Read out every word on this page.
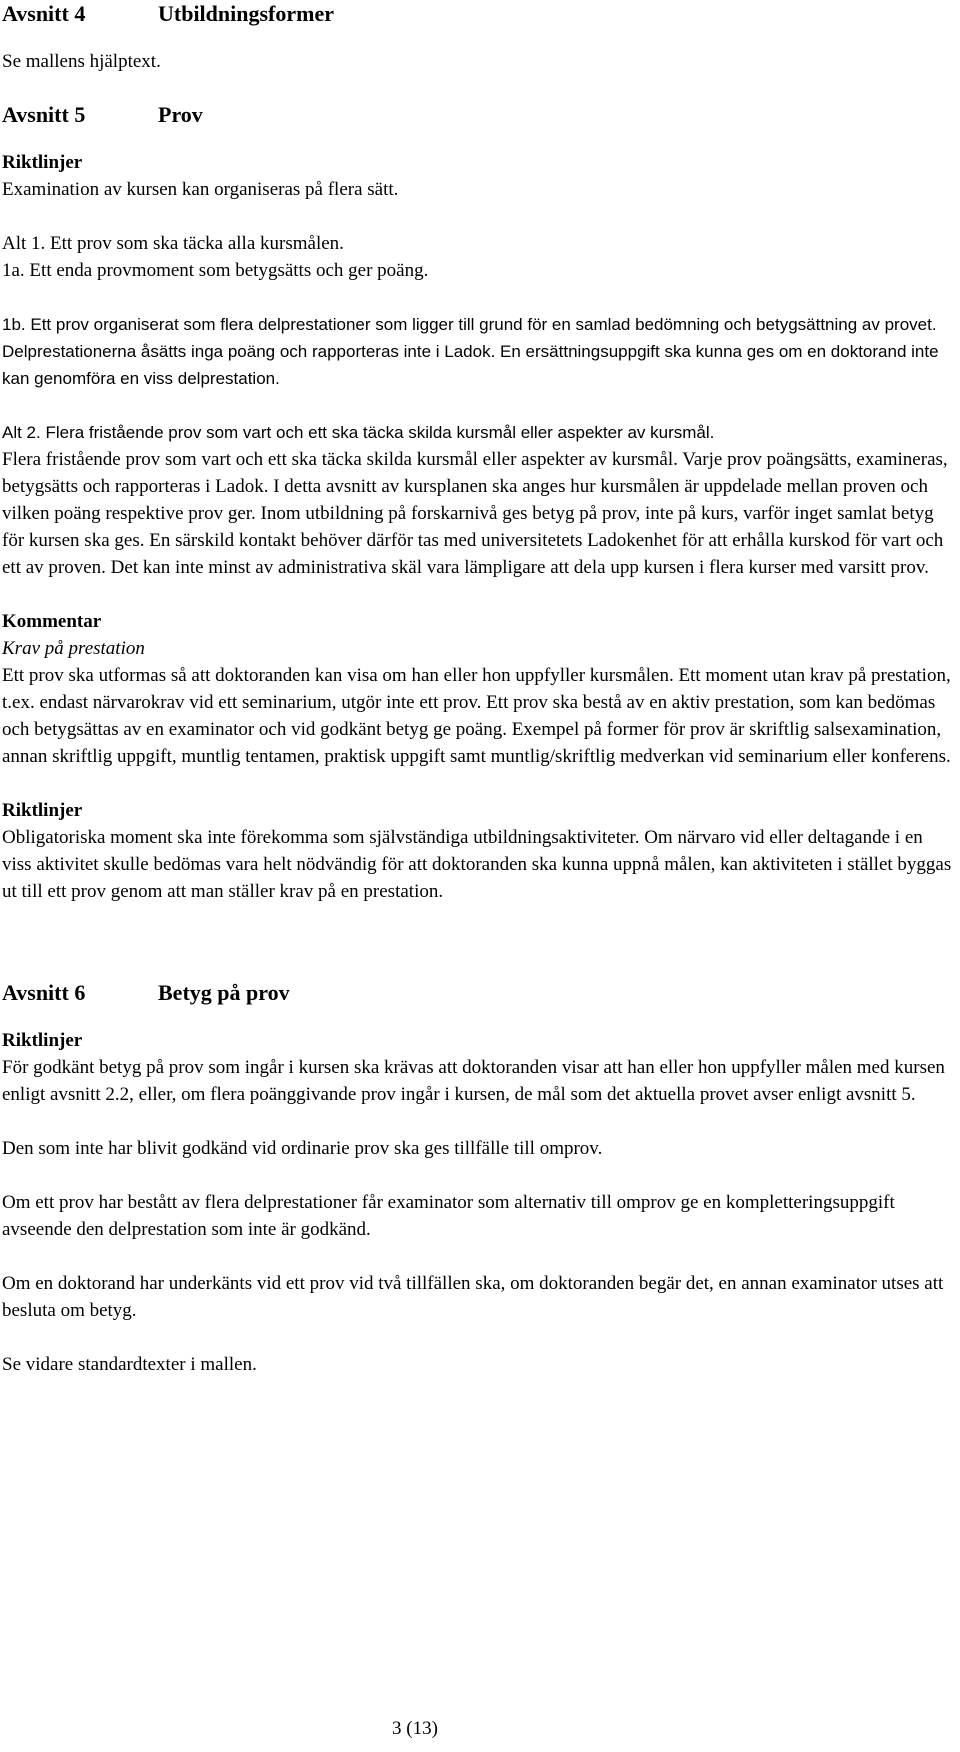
Avsnitt 4	Utbildningsformer

Se mallens hjälptext.

Avsnitt 5	Prov

Riktlinjer

Examination av kursen kan organiseras på flera sätt.

Alt 1. Ett prov som ska täcka alla kursmålen.

1a. Ett enda provmoment som betygsätts och ger poäng.

1b. Ett prov organiserat som flera delprestationer som ligger till grund för en samlad bedömning och betygsättning av provet. Delprestationerna åsätts inga poäng och rapporteras inte i Ladok. En ersättningsuppgift ska kunna ges om en doktorand inte kan genomföra en viss delprestation.

Alt 2. Flera fristående prov som vart och ett ska täcka skilda kursmål eller aspekter av kursmål.

Flera fristående prov som vart och ett ska täcka skilda kursmål eller aspekter av kursmål. Varje prov poängsätts, examineras, betygsätts och rapporteras i Ladok. I detta avsnitt av kursplanen ska anges hur kursmålen är uppdelade mellan proven och vilken poäng respektive prov ger. Inom utbildning på forskarnivå ges betyg på prov, inte på kurs, varför inget samlat betyg för kursen ska ges. En särskild kontakt behöver därför tas med universitetets Ladokenhet för att erhålla kurskod för vart och ett av proven. Det kan inte minst av administrativa skäl vara lämpligare att dela upp kursen i flera kurser med varsitt prov.

Kommentar

Krav på prestation

Ett prov ska utformas så att doktoranden kan visa om han eller hon uppfyller kursmålen. Ett moment utan krav på prestation, t.ex. endast närvarokrav vid ett seminarium, utgör inte ett prov. Ett prov ska bestå av en aktiv prestation, som kan bedömas och betygsättas av en examinator och vid godkänt betyg ge poäng. Exempel på former för prov är skriftlig salsexamination, annan skriftlig uppgift, muntlig tentamen, praktisk uppgift samt muntlig/skriftlig medverkan vid seminarium eller konferens.

Riktlinjer

Obligatoriska moment ska inte förekomma som självständiga utbildningsaktiviteter. Om närvaro vid eller deltagande i en viss aktivitet skulle bedömas vara helt nödvändig för att doktoranden ska kunna uppnå målen, kan aktiviteten i stället byggas ut till ett prov genom att man ställer krav på en prestation.

Avsnitt 6	Betyg på prov

Riktlinjer

För godkänt betyg på prov som ingår i kursen ska krävas att doktoranden visar att han eller hon uppfyller målen med kursen enligt avsnitt 2.2, eller, om flera poänggivande prov ingår i kursen, de mål som det aktuella provet avser enligt avsnitt 5.

Den som inte har blivit godkänd vid ordinarie prov ska ges tillfälle till omprov.

Om ett prov har bestått av flera delprestationer får examinator som alternativ till omprov ge en kompletteringsuppgift avseende den delprestation som inte är godkänd.

Om en doktorand har underkänts vid ett prov vid två tillfällen ska, om doktoranden begär det, en annan examinator utses att besluta om betyg.

Se vidare standardtexter i mallen.

3 (13)
